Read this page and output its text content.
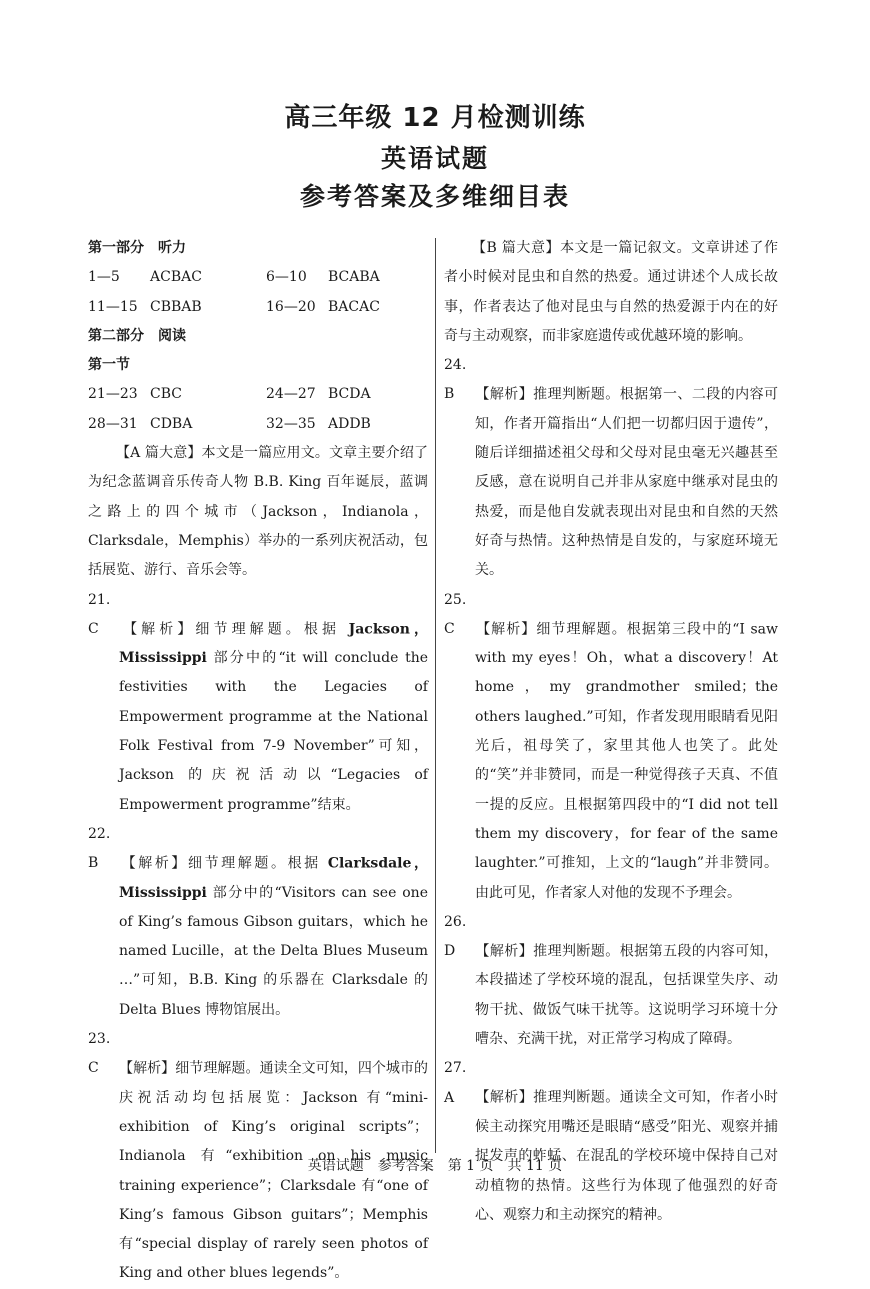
高三年级 12 月检测训练
英语试题
参考答案及多维细目表
第一部分　听力
1—5	ACBAC	6—10	BCABA
11—15 CBBAB	16—20 BACAC
第二部分　阅读
第一节
21—23 CBC	24—27 BCDA
28—31 CDBA	32—35 ADDB
【A 篇大意】本文是一篇应用文。文章主要介绍了为纪念蓝调音乐传奇人物 B.B. King 百年诞辰，蓝调之路上的四个城市（Jackson，Indianola，Clarksdale，Memphis）举办的一系列庆祝活动，包括展览、游行、音乐会等。
21. C 【解析】细节理解题。根据 Jackson，Mississippi 部分中的“it will conclude the festivities with the Legacies of Empowerment programme at the National Folk Festival from 7-9 November”可知，Jackson 的庆祝活动以“Legacies of Empowerment programme”结束。
22. B 【解析】细节理解题。根据 Clarksdale，Mississippi 部分中的“Visitors can see one of King’s famous Gibson guitars，which he named Lucille，at the Delta Blues Museum …”可知，B.B. King 的乐器在 Clarksdale 的 Delta Blues 博物馆展出。
23. C 【解析】细节理解题。通读全文可知，四个城市的庆祝活动均包括展览：Jackson 有“mini-exhibition of King’s original scripts”；Indianola 有“exhibition on his music training experience”；Clarksdale 有“one of King’s famous Gibson guitars”；Memphis 有“special display of rarely seen photos of King and other blues legends”。
【B 篇大意】本文是一篇记叙文。文章讲述了作者小时候对昆虫和自然的热爱。通过讲述个人成长故事，作者表达了他对昆虫与自然的热爱源于内在的好奇与主动观察，而非家庭遗传或优越环境的影响。
24. B 【解析】推理判断题。根据第一、二段的内容可知，作者开篇指出“人们把一切都归因于遗传”，随后详细描述祖父母和父母对昆虫毫无兴趣甚至反感，意在说明自己并非从家庭中继承对昆虫的热爱，而是他自发就表现出对昆虫和自然的天然好奇与热情。这种热情是自发的，与家庭环境无关。
25. C 【解析】细节理解题。根据第三段中的“I saw with my eyes！Oh，what a discovery！At home，my grandmother smiled；the others laughed.”可知，作者发现用眼睛看见阳光后，祖母笑了，家里其他人也笑了。此处的“笑”并非赞同，而是一种觉得孩子天真、不值一提的反应。且根据第四段中的“I did not tell them my discovery，for fear of the same laughter.”可推知，上文的“laugh”并非赞同。由此可见，作者家人对他的发现不予理会。
26. D 【解析】推理判断题。根据第五段的内容可知，本段描述了学校环境的混乱，包括课堂失序、动物干扰、做饭气味干扰等。这说明学习环境十分嘈杂、充满干扰，对正常学习构成了障碍。
27. A 【解析】推理判断题。通读全文可知，作者小时候主动探究用嘴还是眼睛“感受”阳光、观察并捕捉发声的蚱蜢、在混乱的学校环境中保持自己对动植物的热情。这些行为体现了他强烈的好奇心、观察力和主动探究的精神。
英语试题　参考答案　第 1 页　共 11 页
